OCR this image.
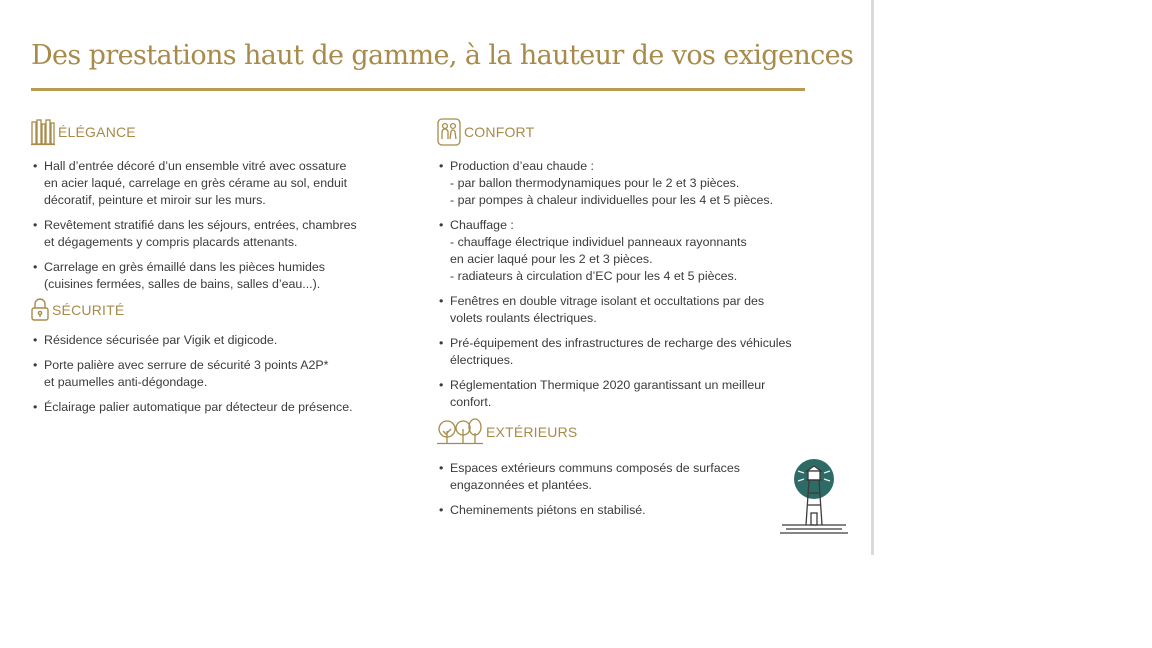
Des prestations haut de gamme, à la hauteur de vos exigences
ÉLÉGANCE
• Hall d’entrée décoré d’un ensemble vitré avec ossature
en acier laqué, carrelage en grès cérame au sol, enduit
décoratif, peinture et miroir sur les murs.
• Revêtement stratifié dans les séjours, entrées, chambres
et dégagements y compris placards attenants.
• Carrelage en grès émaillé dans les pièces humides
(cuisines fermées, salles de bains, salles d’eau...).
SÉCURITÉ
• Résidence sécurisée par Vigik et digicode.
• Porte palière avec serrure de sécurité 3 points A2P*
et paumelles anti-dégondage.
• Éclairage palier automatique par détecteur de présence.
CONFORT
• Production d’eau chaude :
- par ballon thermodynamiques pour le 2 et 3 pièces.
- par pompes à chaleur individuelles pour les 4 et 5 pièces.
• Chauffage :
- chauffage électrique individuel panneaux rayonnants
en acier laqué pour les 2 et 3 pièces.
- radiateurs à circulation d’EC pour les 4 et 5 pièces.
• Fenêtres en double vitrage isolant et occultations par des
volets roulants électriques.
• Pré-équipement des infrastructures de recharge des véhicules
électriques.
• Réglementation Thermique 2020 garantissant un meilleur
confort.
EXTÉRIEURS
• Espaces extérieurs communs composés de surfaces
engazonnées et plantées.
• Cheminements piétons en stabilisé.
